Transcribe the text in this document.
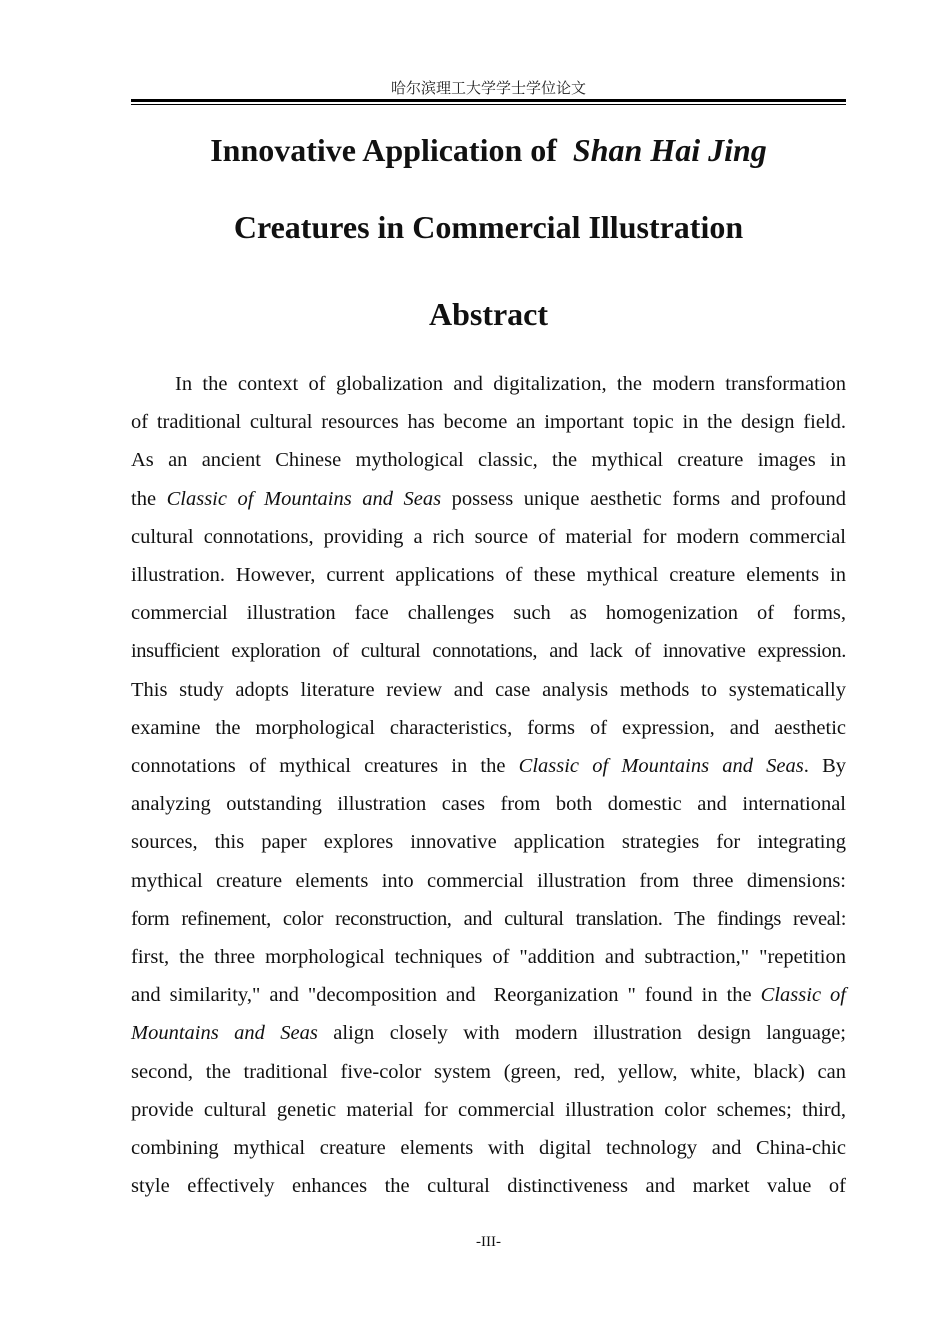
哈尔滨理工大学学士学位论文
Innovative Application of Shan Hai Jing
Creatures in Commercial Illustration
Abstract
In the context of globalization and digitalization, the modern transformation
of traditional cultural resources has become an important topic in the design field.
As an ancient Chinese mythological classic, the mythical creature images in
the Classic of Mountains and Seas possess unique aesthetic forms and profound
cultural connotations, providing a rich source of material for modern commercial
illustration. However, current applications of these mythical creature elements in
commercial illustration face challenges such as homogenization of forms,
insufficient exploration of cultural connotations, and lack of innovative expression.
This study adopts literature review and case analysis methods to systematically
examine the morphological characteristics, forms of expression, and aesthetic
connotations of mythical creatures in the Classic of Mountains and Seas. By
analyzing outstanding illustration cases from both domestic and international
sources, this paper explores innovative application strategies for integrating
mythical creature elements into commercial illustration from three dimensions:
form refinement, color reconstruction, and cultural translation. The findings reveal:
first, the three morphological techniques of "addition and subtraction," "repetition
and similarity," and "decomposition and  Reorganization " found in the Classic of
Mountains and Seas align closely with modern illustration design language;
second, the traditional five-color system (green, red, yellow, white, black) can
provide cultural genetic material for commercial illustration color schemes; third,
combining mythical creature elements with digital technology and China-chic
style effectively enhances the cultural distinctiveness and market value of
-III-
